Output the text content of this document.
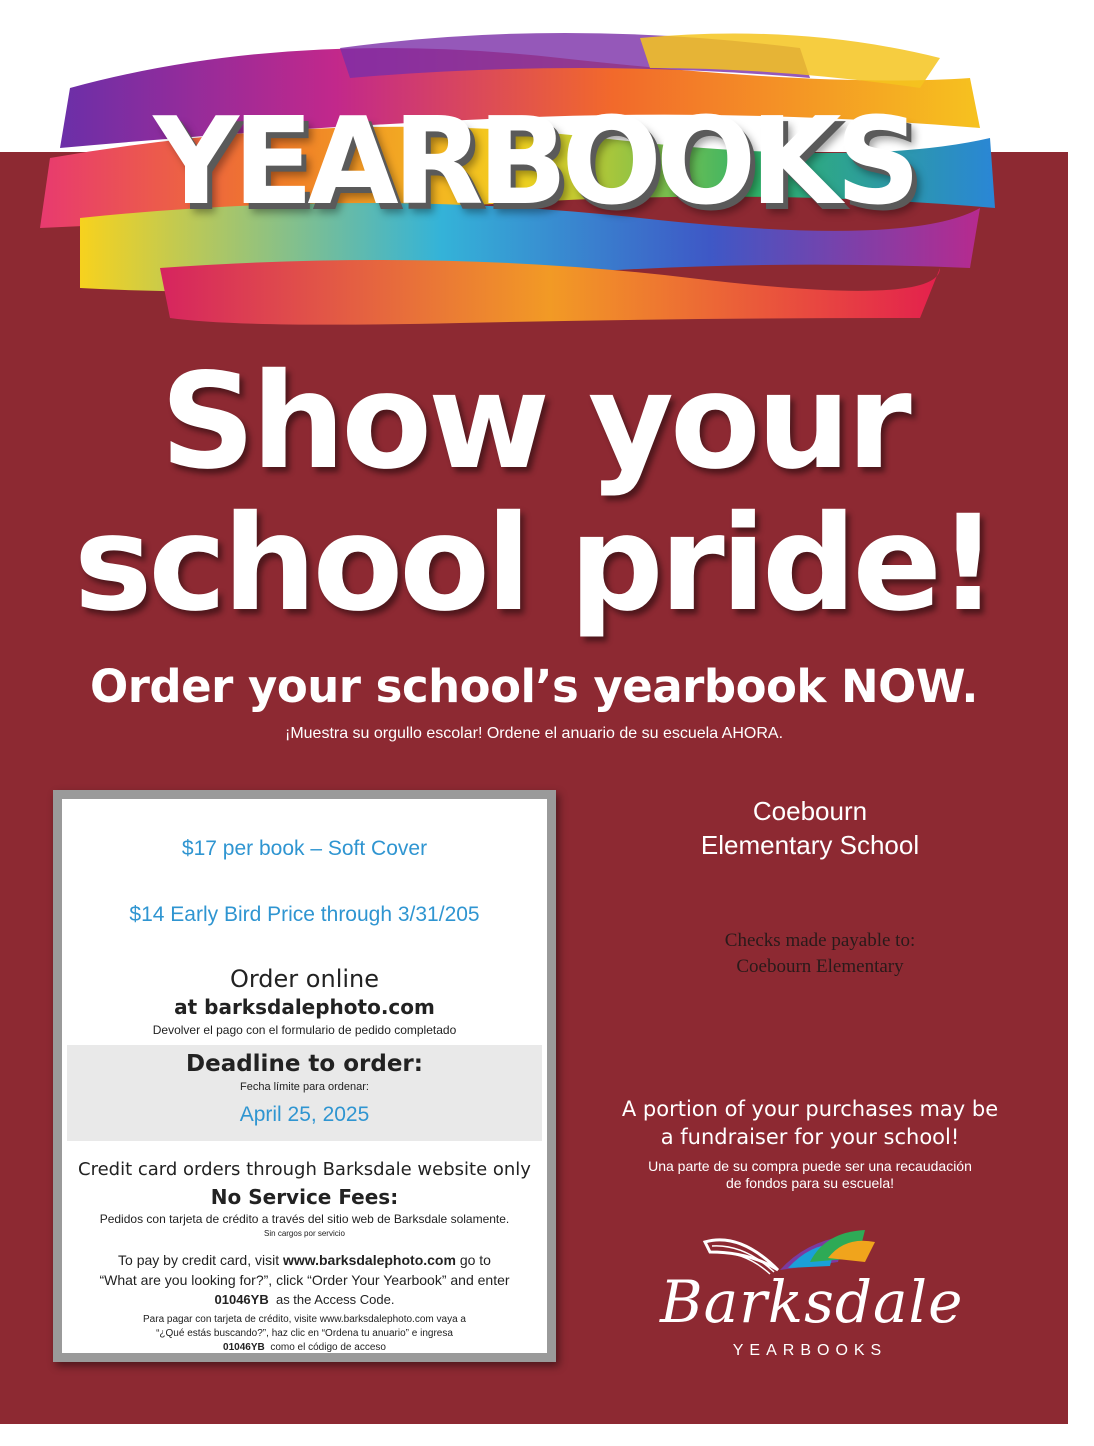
YEARBOOKS
Show your
school pride!
Order your school’s yearbook NOW.
¡Muestra su orgullo escolar! Ordene el anuario de su escuela AHORA.
$17 per book – Soft Cover
$14 Early Bird Price through 3/31/205
Order online
at barksdalephoto.com
Devolver el pago con el formulario de pedido completado
Deadline to order:
Fecha límite para ordenar:
April 25, 2025
Credit card orders through Barksdale website only
No Service Fees:
Pedidos con tarjeta de crédito a través del sitio web de Barksdale solamente.
Sin cargos por servicio
To pay by credit card, visit www.barksdalephoto.com go to
“What are you looking for?”, click “Order Your Yearbook” and enter
01046YB as the Access Code.
Para pagar con tarjeta de crédito, visite www.barksdalephoto.com vaya a
“¿Qué estás buscando?”, haz clic en “Ordena tu anuario” e ingresa
01046YB como el código de acceso
Coebourn
Elementary School
Checks made payable to:
Coebourn Elementary
A portion of your purchases may be
a fundraiser for your school!
Una parte de su compra puede ser una recaudación
de fondos para su escuela!
Barksdale
YEARBOOKS
